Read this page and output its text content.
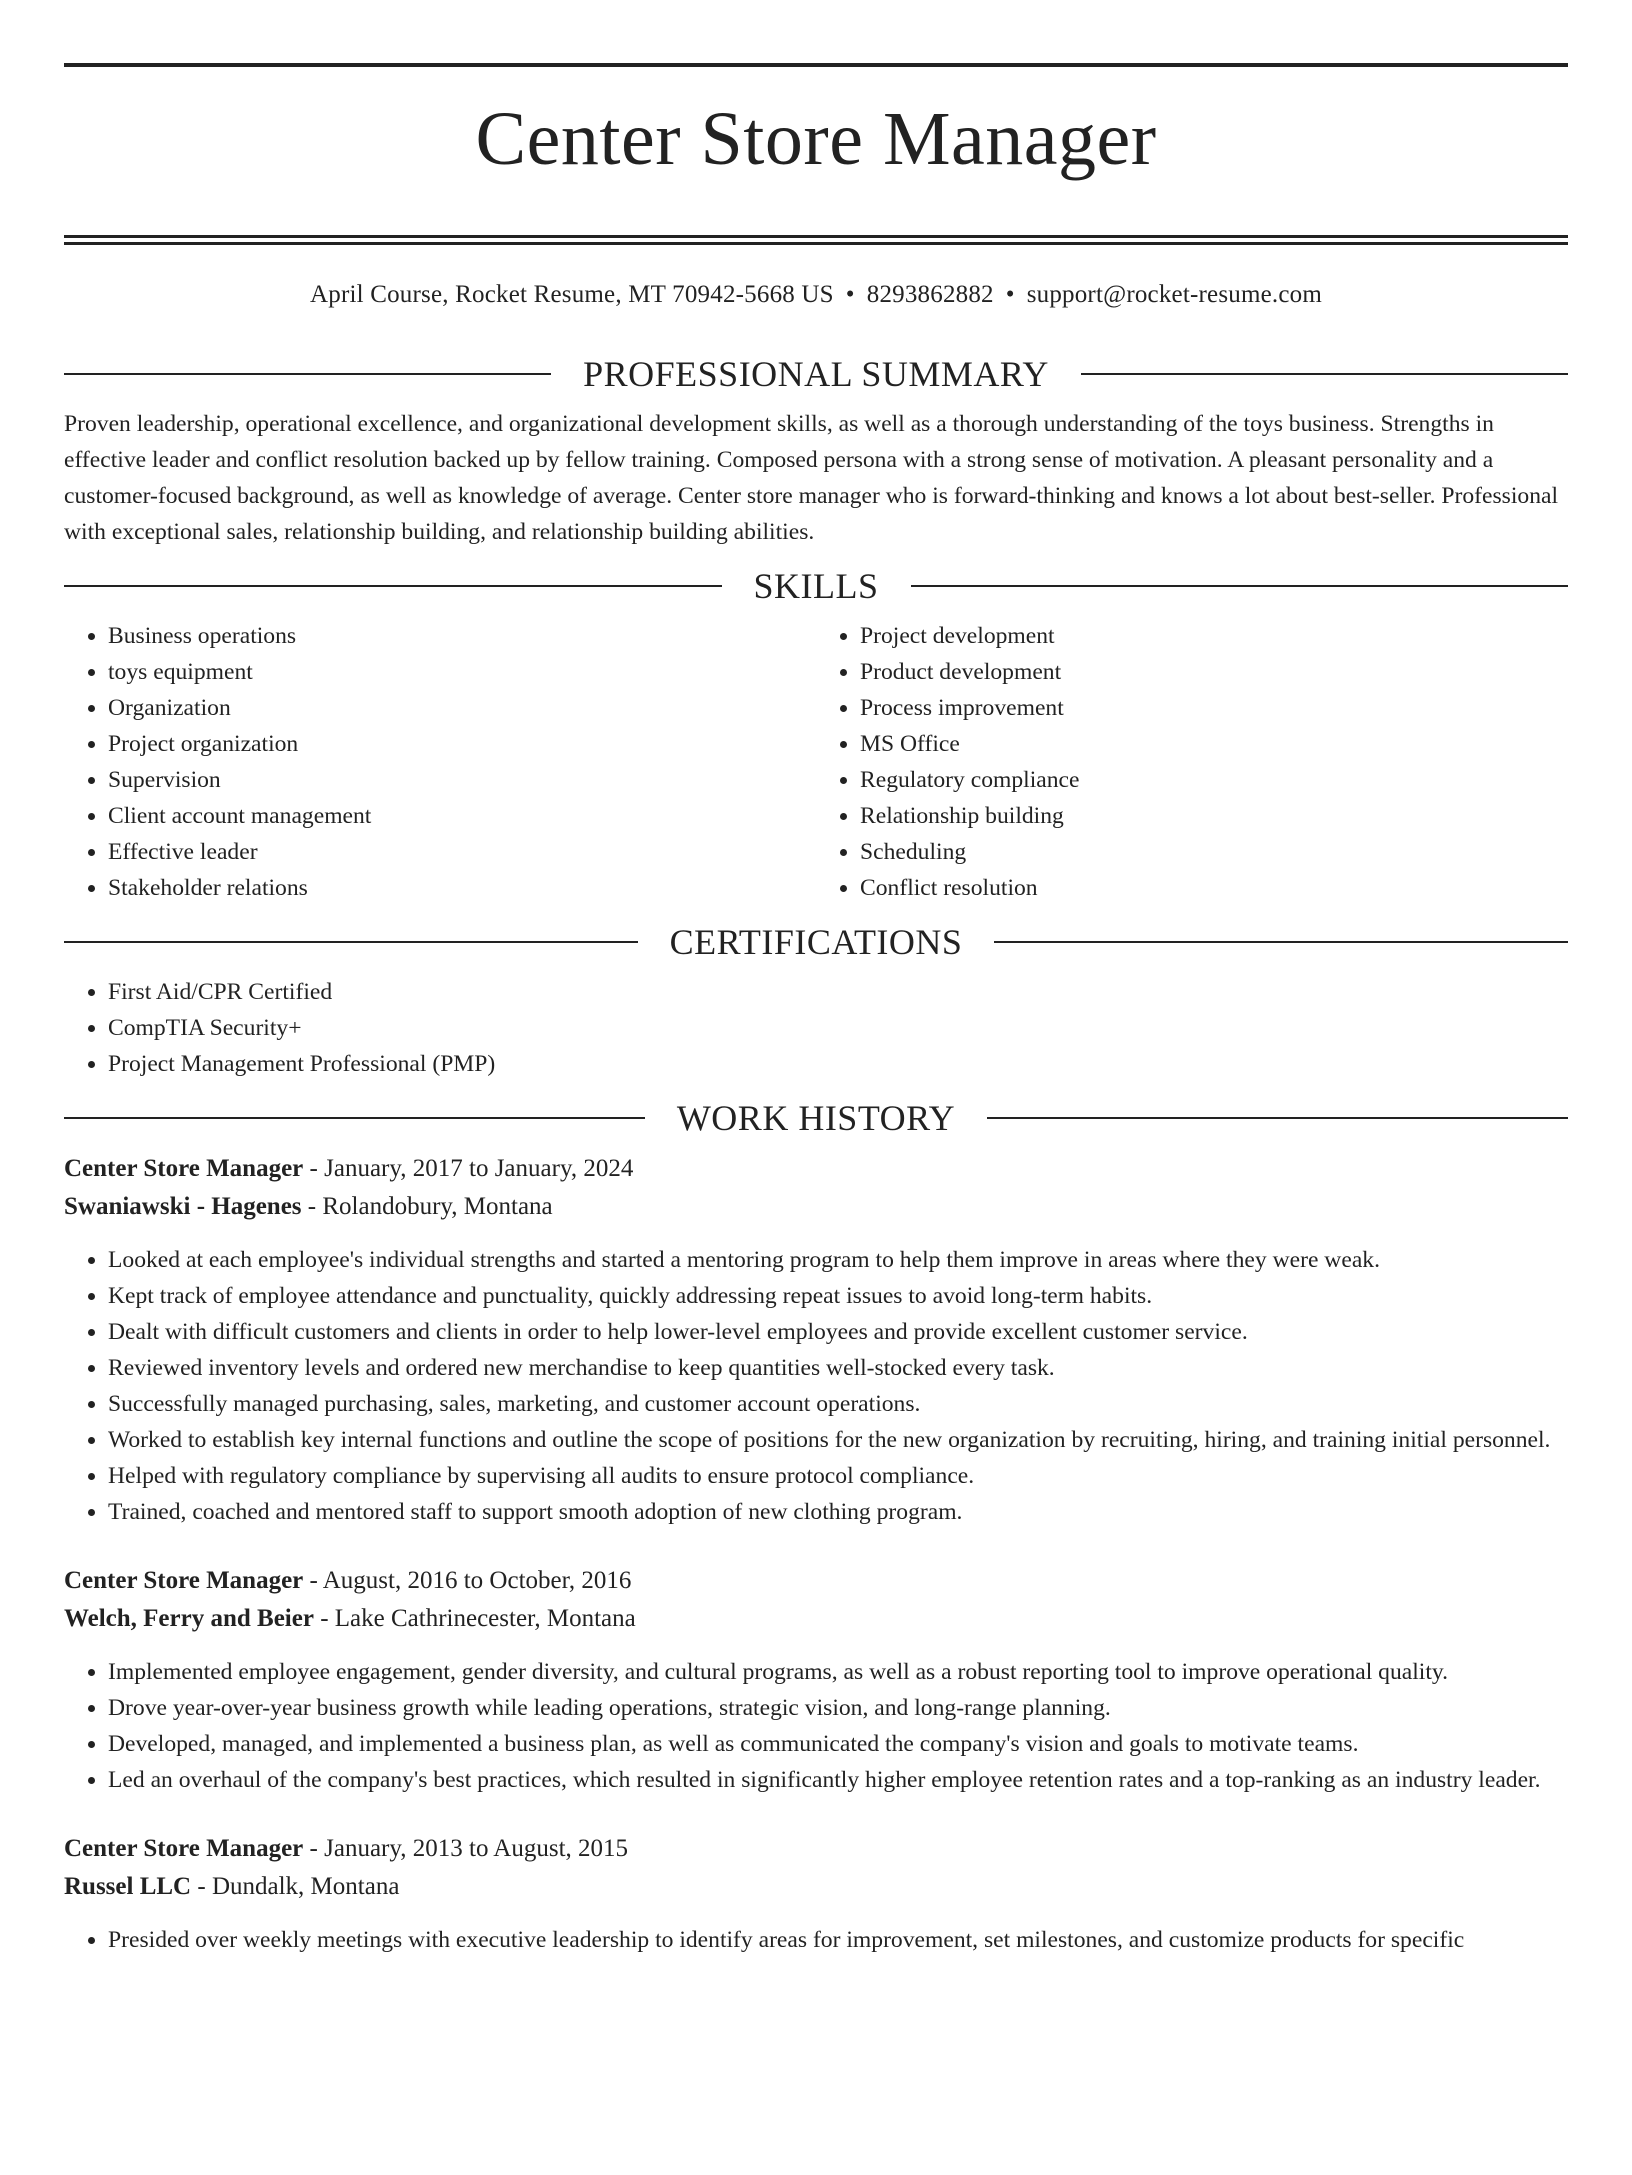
Center Store Manager
April Course, Rocket Resume, MT 70942-5668 US • 8293862882 • support@rocket-resume.com
PROFESSIONAL SUMMARY

Proven leadership, operational excellence, and organizational development skills, as well as a thorough understanding of the toys business. Strengths in effective leader and conflict resolution backed up by fellow training. Composed persona with a strong sense of motivation. A pleasant personality and a customer-focused background, as well as knowledge of average. Center store manager who is forward-thinking and knows a lot about best-seller. Professional with exceptional sales, relationship building, and relationship building abilities.

SKILLS
• Business operations
• toys equipment
• Organization
• Project organization
• Supervision
• Client account management
• Effective leader
• Stakeholder relations
• Project development
• Product development
• Process improvement
• MS Office
• Regulatory compliance
• Relationship building
• Scheduling
• Conflict resolution
CERTIFICATIONS
• First Aid/CPR Certified
• CompTIA Security+
• Project Management Professional (PMP)
WORK HISTORY
Center Store Manager - January, 2017 to January, 2024
Swaniawski - Hagenes - Rolandobury, Montana
• Looked at each employee's individual strengths and started a mentoring program to help them improve in areas where they were weak.
• Kept track of employee attendance and punctuality, quickly addressing repeat issues to avoid long-term habits.
• Dealt with difficult customers and clients in order to help lower-level employees and provide excellent customer service.
• Reviewed inventory levels and ordered new merchandise to keep quantities well-stocked every task.
• Successfully managed purchasing, sales, marketing, and customer account operations.
• Worked to establish key internal functions and outline the scope of positions for the new organization by recruiting, hiring, and training initial personnel.
• Helped with regulatory compliance by supervising all audits to ensure protocol compliance.
• Trained, coached and mentored staff to support smooth adoption of new clothing program.
Center Store Manager - August, 2016 to October, 2016
Welch, Ferry and Beier - Lake Cathrinecester, Montana
• Implemented employee engagement, gender diversity, and cultural programs, as well as a robust reporting tool to improve operational quality.
• Drove year-over-year business growth while leading operations, strategic vision, and long-range planning.
• Developed, managed, and implemented a business plan, as well as communicated the company's vision and goals to motivate teams.
• Led an overhaul of the company's best practices, which resulted in significantly higher employee retention rates and a top-ranking as an industry leader.
Center Store Manager - January, 2013 to August, 2015
Russel LLC - Dundalk, Montana
• Presided over weekly meetings with executive leadership to identify areas for improvement, set milestones, and customize products for specific
